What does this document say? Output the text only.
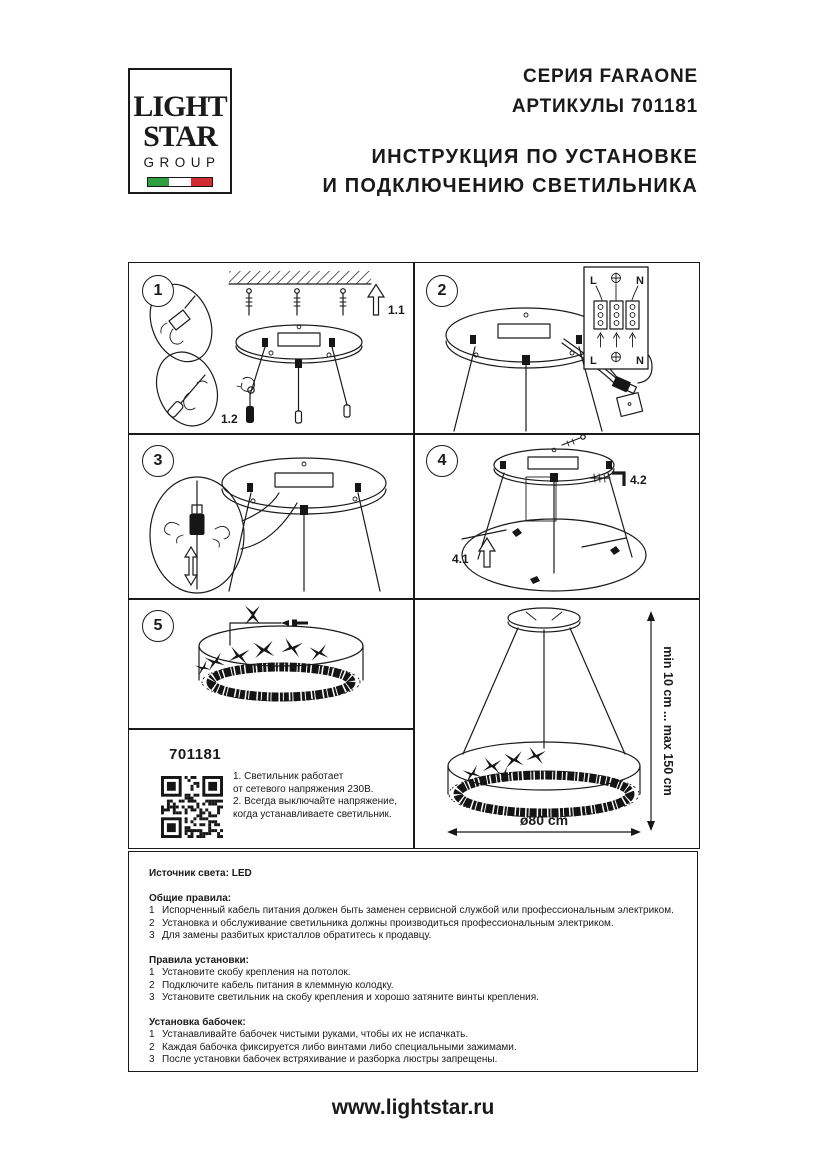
LIGHT
STAR
GROUP
СЕРИЯ FARAONE
АРТИКУЛЫ 701181
ИНСТРУКЦИЯ ПО УСТАНОВКЕ
И ПОДКЛЮЧЕНИЮ СВЕТИЛЬНИКА
1	2
3	4
5
1.1
1.2
L	N
L	N
4.1
4.2
701181
1. Светильник работает
от сетевого напряжения 230В.
2. Всегда выключайте напряжение,
когда устанавливаете светильник.
min 10 cm ... max 150 cm
ø80 cm
Источник света: LED
Общие правила:
1 Испорченный кабель питания должен быть заменен сервисной службой или профессиональным электриком.
2 Установка и обслуживание светильника должны производиться профессиональным электриком.
3 Для замены разбитых кристаллов обратитесь к продавцу.
Правила установки:
1 Установите скобу крепления на потолок.
2 Подключите кабель питания в клеммную колодку.
3 Установите светильник на скобу крепления и хорошо затяните винты крепления.
Установка бабочек:
1 Устанавливайте бабочек чистыми руками, чтобы их не испачкать.
2 Каждая бабочка фиксируется либо винтами либо специальными зажимами.
3 После установки бабочек встряхивание и разборка люстры запрещены.
www.lightstar.ru
